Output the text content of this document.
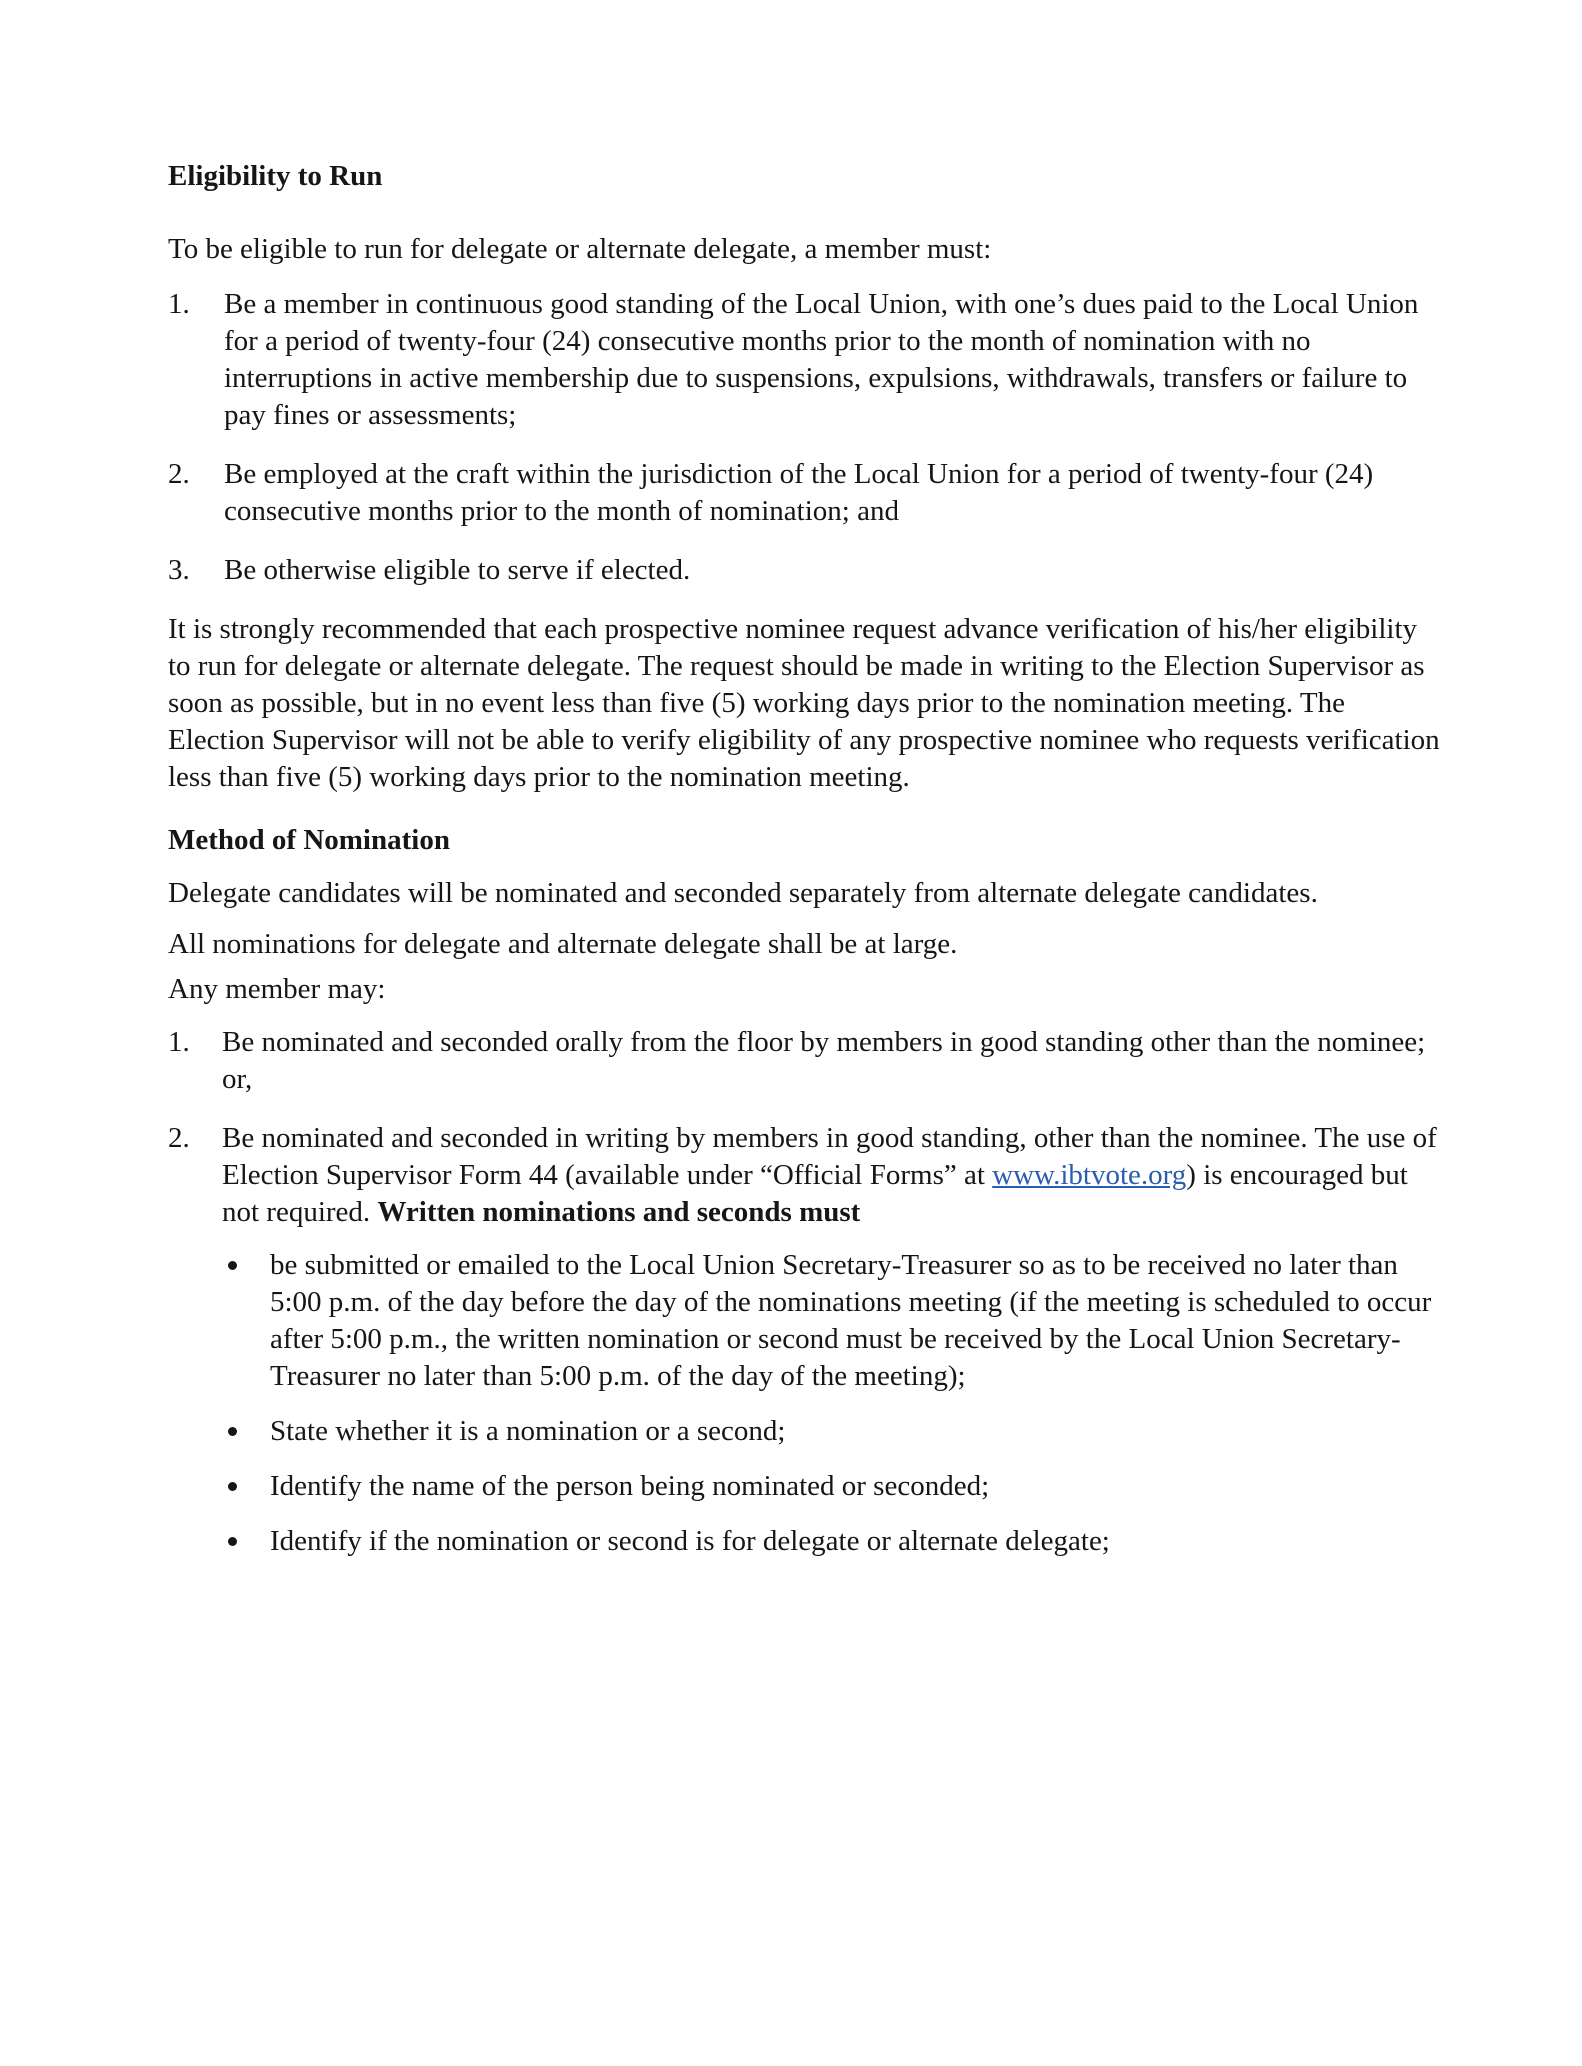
Eligibility to Run

To be eligible to run for delegate or alternate delegate, a member must:

1. Be a member in continuous good standing of the Local Union, with one’s dues paid to the Local Union for a period of twenty-four (24) consecutive months prior to the month of nomination with no interruptions in active membership due to suspensions, expulsions, withdrawals, transfers or failure to pay fines or assessments;
2. Be employed at the craft within the jurisdiction of the Local Union for a period of twenty-four (24) consecutive months prior to the month of nomination; and
3. Be otherwise eligible to serve if elected.

It is strongly recommended that each prospective nominee request advance verification of his/her eligibility to run for delegate or alternate delegate. The request should be made in writing to the Election Supervisor as soon as possible, but in no event less than five (5) working days prior to the nomination meeting. The Election Supervisor will not be able to verify eligibility of any prospective nominee who requests verification less than five (5) working days prior to the nomination meeting.

Method of Nomination

Delegate candidates will be nominated and seconded separately from alternate delegate candidates.

All nominations for delegate and alternate delegate shall be at large.

Any member may:

1. Be nominated and seconded orally from the floor by members in good standing other than the nominee; or,
2. Be nominated and seconded in writing by members in good standing, other than the nominee. The use of Election Supervisor Form 44 (available under “Official Forms” at www.ibtvote.org) is encouraged but not required. Written nominations and seconds must
be submitted or emailed to the Local Union Secretary-Treasurer so as to be received no later than 5:00 p.m. of the day before the day of the nominations meeting (if the meeting is scheduled to occur after 5:00 p.m., the written nomination or second must be received by the Local Union Secretary-Treasurer no later than 5:00 p.m. of the day of the meeting);
State whether it is a nomination or a second;
Identify the name of the person being nominated or seconded;
Identify if the nomination or second is for delegate or alternate delegate;
